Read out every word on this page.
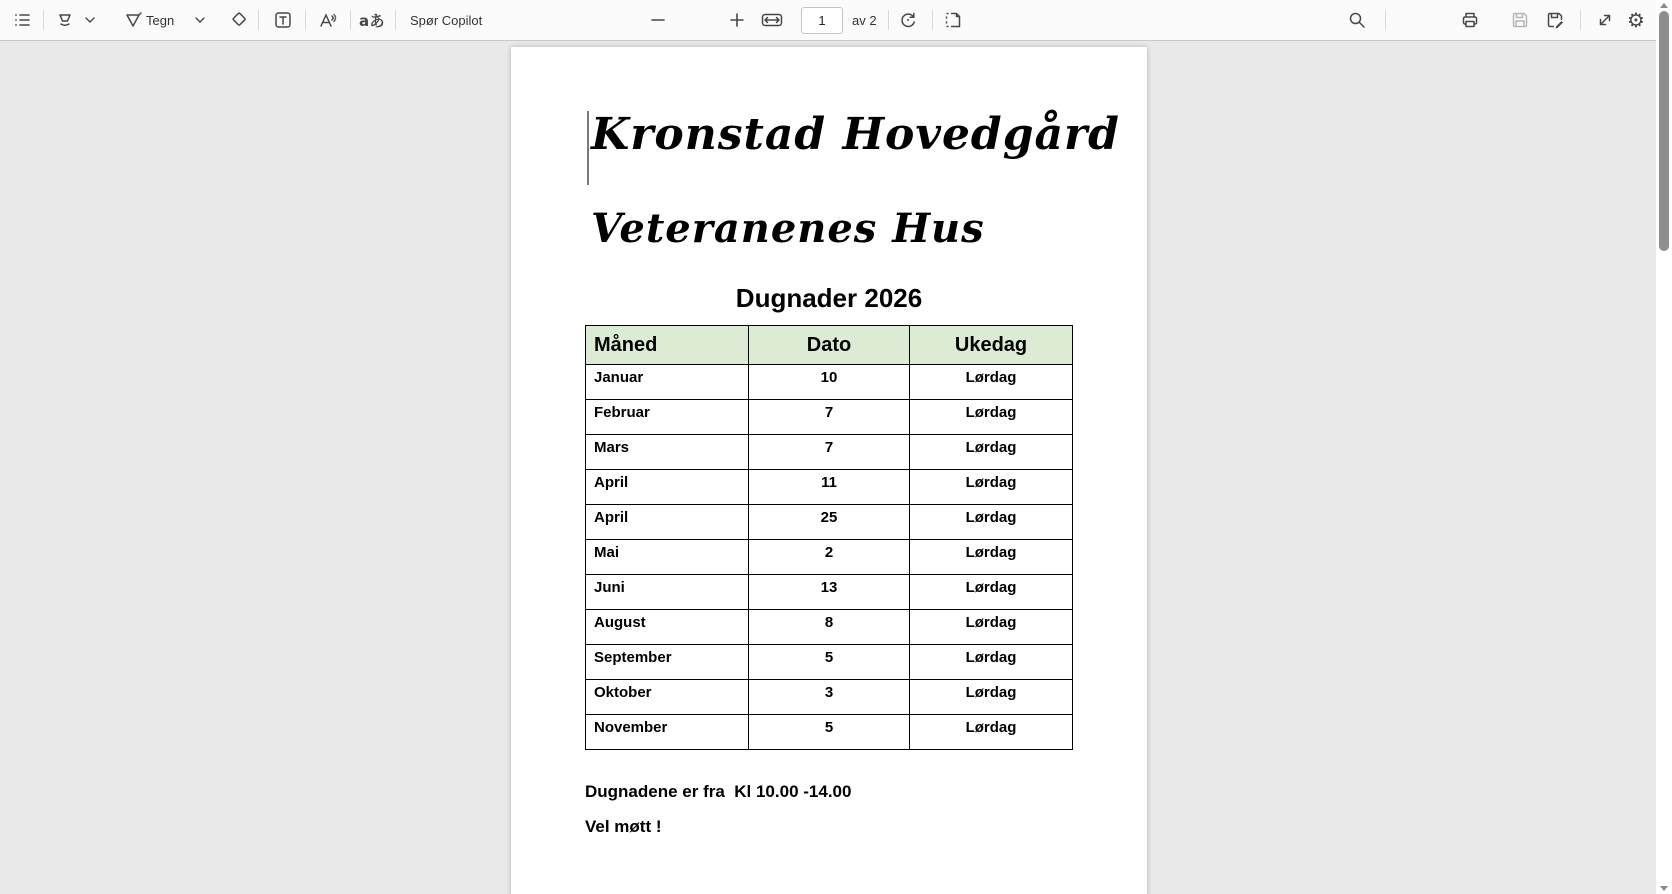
Tegn	aあ Spør Copilot
1	av 2	⚙
Kronstad Hovedgård
Veteranenes Hus
Dugnader 2026
Måned	Dato	Ukedag
Januar	10	Lørdag
Februar	7	Lørdag
Mars	7	Lørdag
April	11	Lørdag
April	25	Lørdag
Mai	2	Lørdag
Juni	13	Lørdag
August	8	Lørdag
September	5	Lørdag
Oktober	3	Lørdag
November	5	Lørdag
Dugnadene er fra  Kl 10.00 -14.00
Vel møtt !
